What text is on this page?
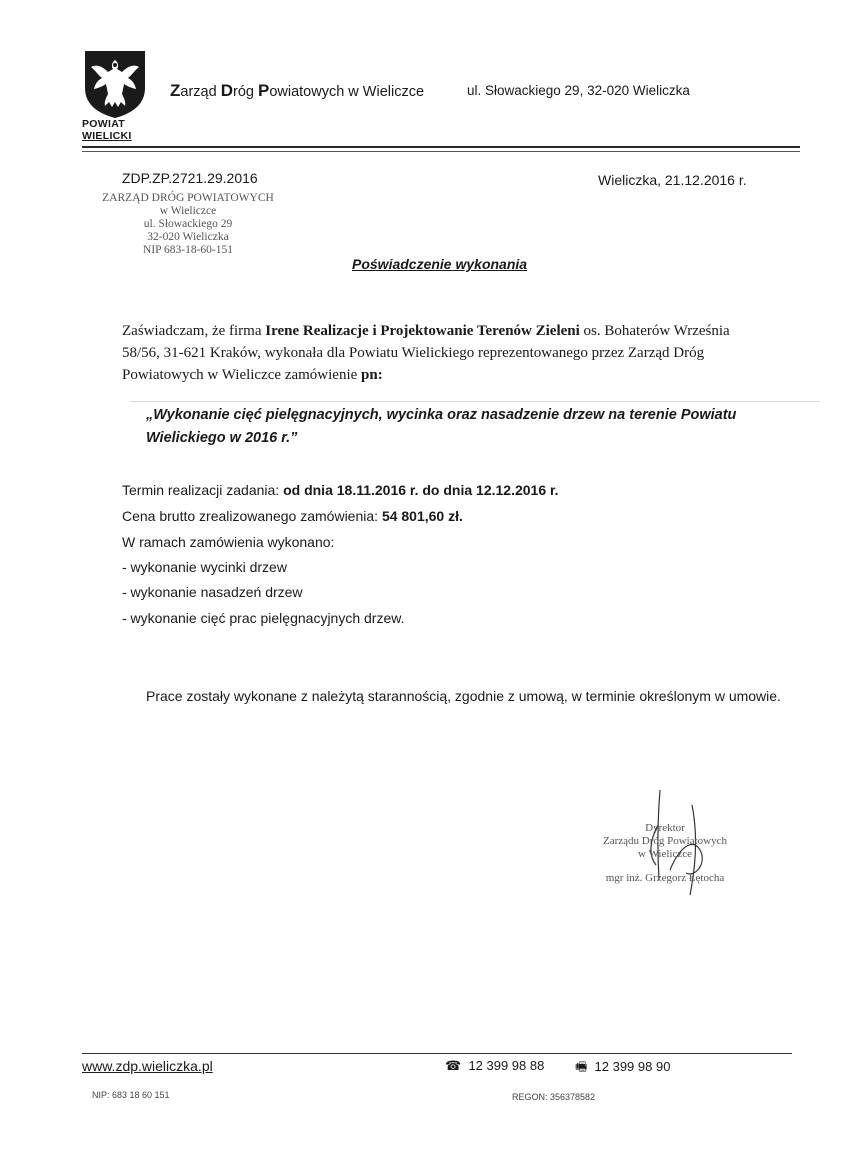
POWIAT
WIELICKI
Zarząd Dróg Powiatowych w Wieliczce	ul. Słowackiego 29, 32-020 Wieliczka
ZDP.ZP.2721.29.2016	Wieliczka, 21.12.2016 r.
ZARZĄD DRÓG POWIATOWYCH
w Wieliczce
ul. Słowackiego 29
32-020 Wieliczka
NIP 683-18-60-151
Poświadczenie wykonania
Zaświadczam, że firma Irene Realizacje i Projektowanie Terenów Zieleni os. Bohaterów Września 58/56, 31-621 Kraków, wykonała dla Powiatu Wielickiego reprezentowanego przez Zarząd Dróg Powiatowych w Wieliczce zamówienie pn:
„Wykonanie cięć pielęgnacyjnych, wycinka oraz nasadzenie drzew na terenie Powiatu Wielickiego w 2016 r.”
Termin realizacji zadania: od dnia 18.11.2016 r. do dnia 12.12.2016 r.
Cena brutto zrealizowanego zamówienia: 54 801,60 zł.
W ramach zamówienia wykonano:
- wykonanie wycinki drzew
- wykonanie nasadzeń drzew
- wykonanie cięć prac pielęgnacyjnych drzew.
Prace zostały wykonane z należytą starannością, zgodnie z umową, w terminie określonym w umowie.
Dyrektor
Zarządu Dróg Powiatowych
w Wieliczce
mgr inż. Grzegorz Łętocha
www.zdp.wieliczka.pl	☎ 12 399 98 88 🖷 12 399 98 90
NIP: 683 18 60 151	REGON: 356378582
